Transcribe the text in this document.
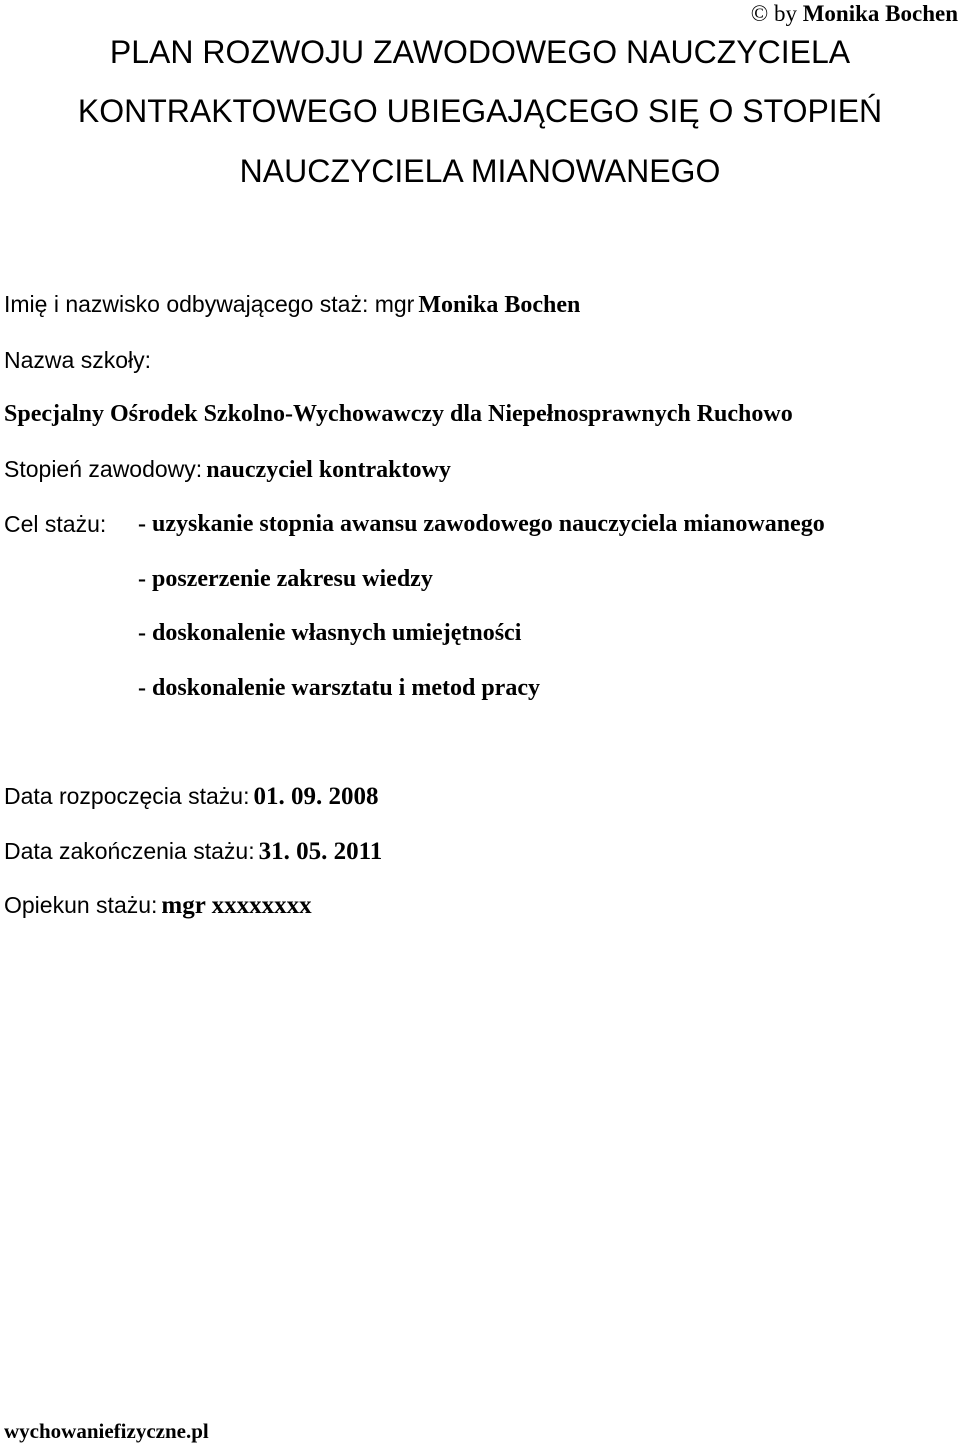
© by Monika Bochen
PLAN ROZWOJU ZAWODOWEGO NAUCZYCIELA
KONTRAKTOWEGO UBIEGAJĄCEGO SIĘ O STOPIEŃ
NAUCZYCIELA MIANOWANEGO
Imię i nazwisko odbywającego staż: mgr Monika Bochen
Nazwa szkoły:
Specjalny Ośrodek Szkolno-Wychowawczy dla Niepełnosprawnych Ruchowo
Stopień zawodowy: nauczyciel kontraktowy
Cel stażu: - uzyskanie stopnia awansu zawodowego nauczyciela mianowanego
- poszerzenie zakresu wiedzy
- doskonalenie własnych umiejętności
- doskonalenie warsztatu i metod pracy
Data rozpoczęcia stażu: 01. 09. 2008
Data zakończenia stażu: 31. 05. 2011
Opiekun stażu: mgr xxxxxxxx
wychowaniefizyczne.pl
